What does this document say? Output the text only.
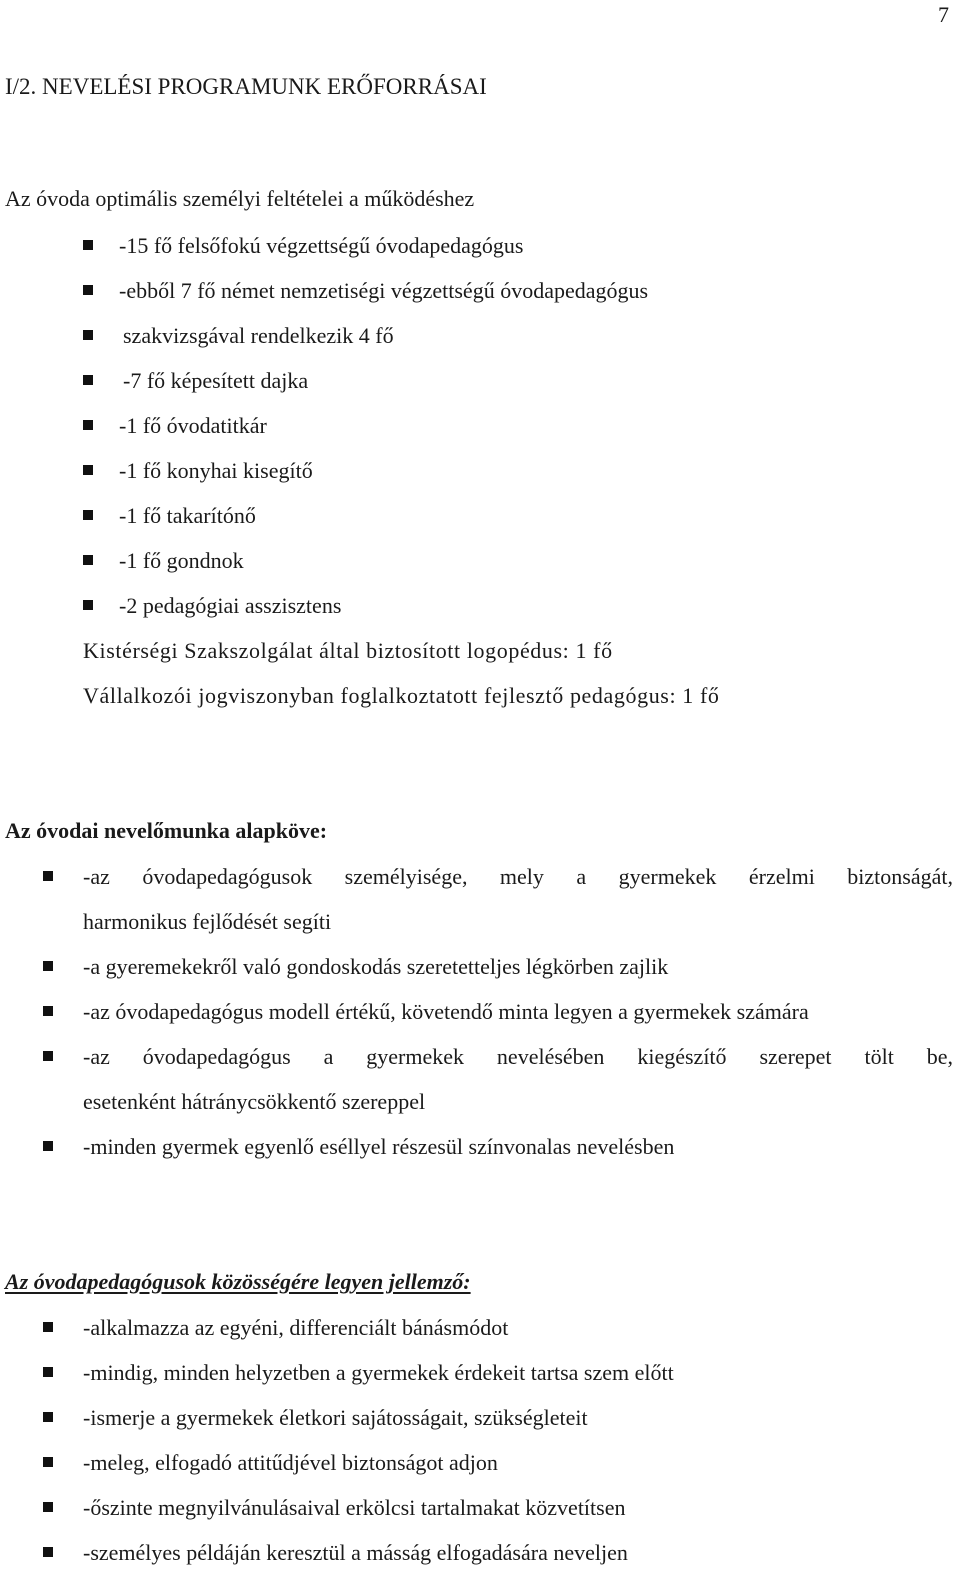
7
I/2. NEVELÉSI PROGRAMUNK ERŐFORRÁSAI
Az óvoda optimális személyi feltételei a működéshez
-15 fő felsőfokú végzettségű óvodapedagógus
-ebből 7 fő német nemzetiségi végzettségű óvodapedagógus
szakvizsgával rendelkezik 4 fő
-7 fő képesített dajka
-1 fő óvodatitkár
-1 fő konyhai kisegítő
-1 fő takarítónő
-1 fő gondnok
-2 pedagógiai asszisztens
Kistérségi Szakszolgálat által biztosított logopédus: 1 fő
Vállalkozói jogviszonyban foglalkoztatott fejlesztő pedagógus: 1 fő
Az óvodai nevelőmunka alapköve:
-az óvodapedagógusok személyisége, mely a gyermekek érzelmi biztonságát,
harmonikus fejlődését segíti
-a gyeremekekről való gondoskodás szeretetteljes légkörben zajlik
-az óvodapedagógus modell értékű, követendő minta legyen a gyermekek számára
-az óvodapedagógus a gyermekek nevelésében kiegészítő szerepet tölt be,
esetenként hátránycsökkentő szereppel
-minden gyermek egyenlő eséllyel részesül színvonalas nevelésben
Az óvodapedagógusok közösségére legyen jellemző:
-alkalmazza az egyéni, differenciált bánásmódot
-mindig, minden helyzetben a gyermekek érdekeit tartsa szem előtt
-ismerje a gyermekek életkori sajátosságait, szükségleteit
-meleg, elfogadó attitűdjével biztonságot adjon
-őszinte megnyilvánulásaival erkölcsi tartalmakat közvetítsen
-személyes példáján keresztül a másság elfogadására neveljen
